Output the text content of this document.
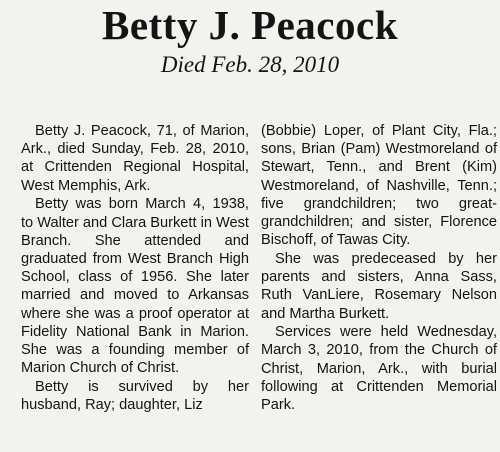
Betty J. Peacock
Died Feb. 28, 2010

Betty J. Peacock, 71, of Marion, Ark., died Sunday, Feb. 28, 2010, at Crittenden Regional Hospital, West Memphis, Ark.

Betty was born March 4, 1938, to Walter and Clara Burkett in West Branch. She attended and graduated from West Branch High School, class of 1956. She later married and moved to Arkansas where she was a proof operator at Fidelity National Bank in Marion. She was a founding member of Marion Church of Christ.

Betty is survived by her husband, Ray; daughter, Liz

(Bobbie) Loper, of Plant City, Fla.; sons, Brian (Pam) Westmoreland of Stewart, Tenn., and Brent (Kim) Westmoreland, of Nashville, Tenn.; five grandchildren; two great-grandchildren; and sister, Florence Bischoff, of Tawas City.

She was predeceased by her parents and sisters, Anna Sass, Ruth VanLiere, Rosemary Nelson and Martha Burkett.

Services were held Wednesday, March 3, 2010, from the Church of Christ, Marion, Ark., with burial following at Crittenden Memorial Park.
